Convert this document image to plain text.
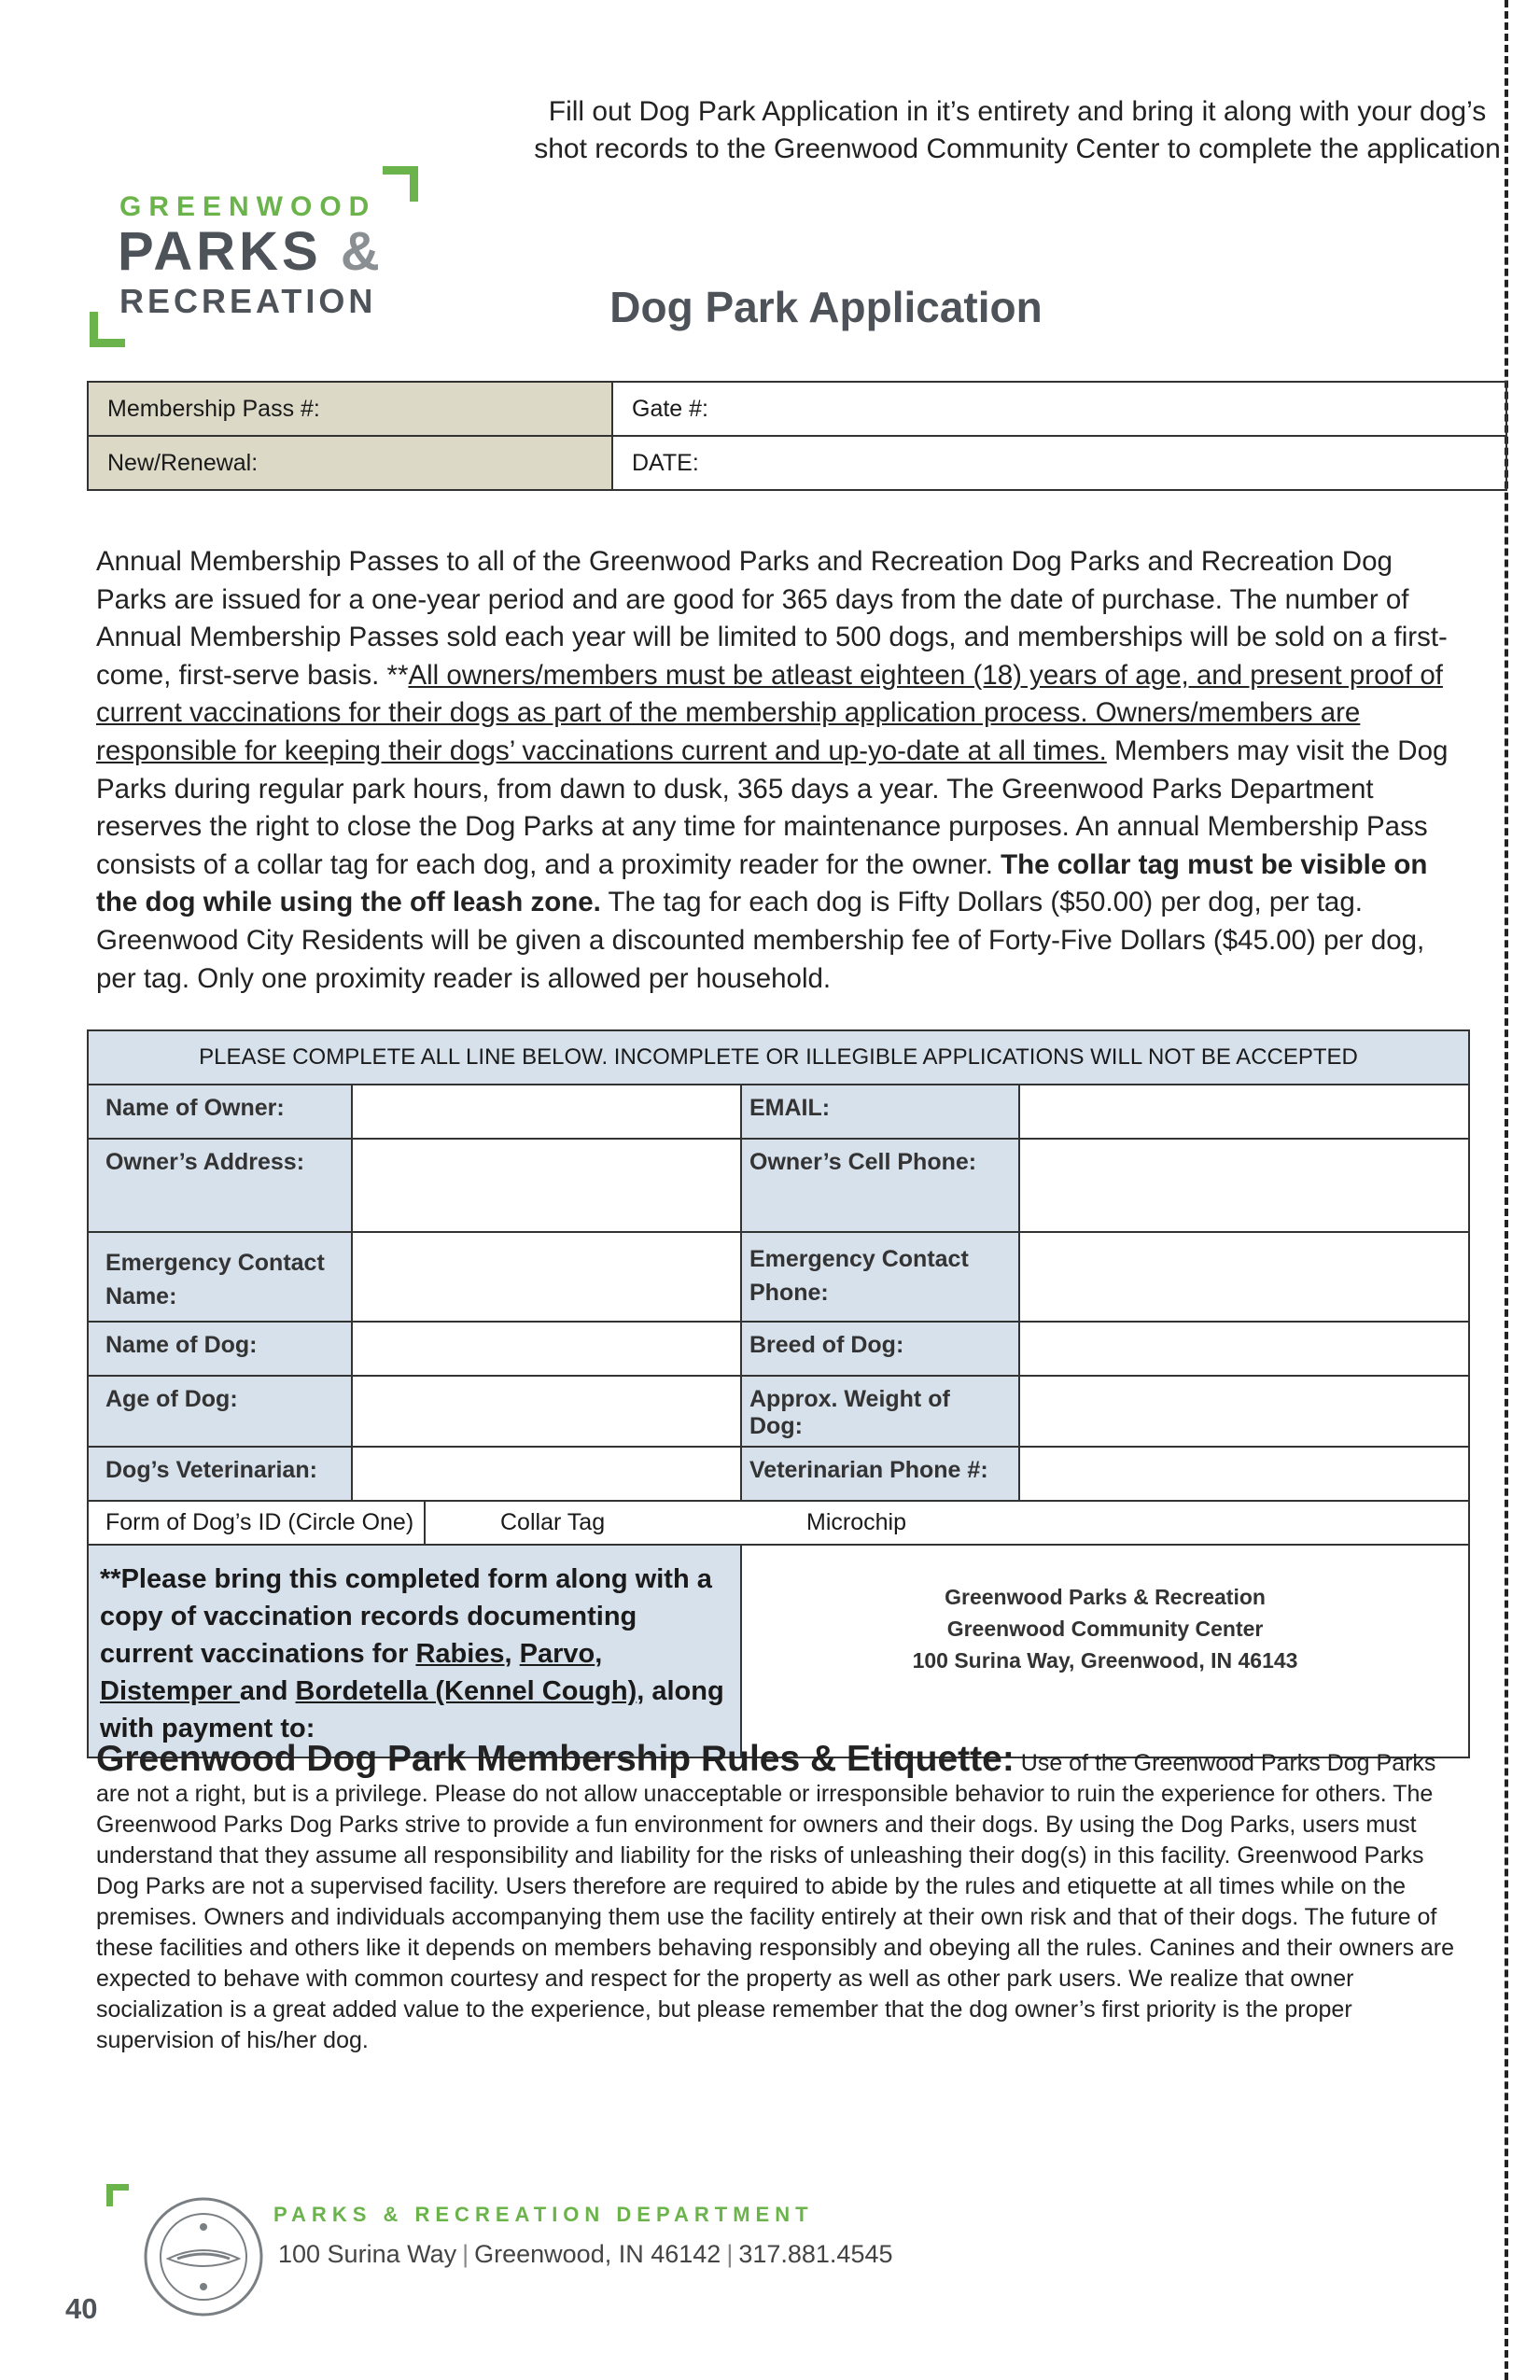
GREENWOOD
PARKS &
RECREATION
Fill out Dog Park Application in it’s entirety and bring it along with your dog’s shot records to the Greenwood Community Center to complete the application
Dog Park Application
Membership Pass #:	Gate #:
New/Renewal:	DATE:
Annual Membership Passes to all of the Greenwood Parks and Recreation Dog Parks and Recreation Dog Parks are issued for a one-year period and are good for 365 days from the date of purchase. The number of Annual Membership Passes sold each year will be limited to 500 dogs, and memberships will be sold on a first-come, first-serve basis. **All owners/members must be atleast eighteen (18) years of age, and present proof of current vaccinations for their dogs as part of the membership application process. Owners/members are responsible for keeping their dogs’ vaccinations current and up-yo-date at all times. Members may visit the Dog Parks during regular park hours, from dawn to dusk, 365 days a year. The Greenwood Parks Department reserves the right to close the Dog Parks at any time for maintenance purposes. An annual Membership Pass consists of a collar tag for each dog, and a proximity reader for the owner. The collar tag must be visible on the dog while using the off leash zone. The tag for each dog is Fifty Dollars ($50.00) per dog, per tag. Greenwood City Residents will be given a discounted membership fee of Forty-Five Dollars ($45.00) per dog, per tag. Only one proximity reader is allowed per household.
PLEASE COMPLETE ALL LINE BELOW. INCOMPLETE OR ILLEGIBLE APPLICATIONS WILL NOT BE ACCEPTED				
Name of Owner:			EMAIL:	
Owner’s Address:			Owner’s Cell Phone:	
Emergency Contact Name:			Emergency Contact Phone:	
Name of Dog:			Breed of Dog:	
Age of Dog:			Approx. Weight of Dog:	
Dog’s Veterinarian:			Veterinarian Phone #:	
Form of Dog’s ID (Circle One)		Collar Tag	Microchip	
**Please bring this completed form along with a copy of vaccination records documenting current vaccinations for Rabies, Parvo, Distemper and Bordetella (Kennel Cough), along with payment to:			Greenwood Parks & Recreation
Greenwood Community Center
100 Surina Way, Greenwood, IN 46143	
Greenwood Dog Park Membership Rules & Etiquette: Use of the Greenwood Parks Dog Parks are not a right, but is a privilege. Please do not allow unacceptable or irresponsible behavior to ruin the experience for others. The Greenwood Parks Dog Parks strive to provide a fun environment for owners and their dogs. By using the Dog Parks, users must understand that they assume all responsibility and liability for the risks of unleashing their dog(s) in this facility. Greenwood Parks Dog Parks are not a supervised facility. Users therefore are required to abide by the rules and etiquette at all times while on the premises. Owners and individuals accompanying them use the facility entirely at their own risk and that of their dogs. The future of these facilities and others like it depends on members behaving responsibly and obeying all the rules. Canines and their owners are expected to behave with common courtesy and respect for the property as well as other park users. We realize that owner socialization is a great added value to the experience, but please remember that the dog owner’s first priority is the proper supervision of his/her dog.
PARKS & RECREATION DEPARTMENT
100 Surina Way | Greenwood, IN 46142 | 317.881.4545
40
